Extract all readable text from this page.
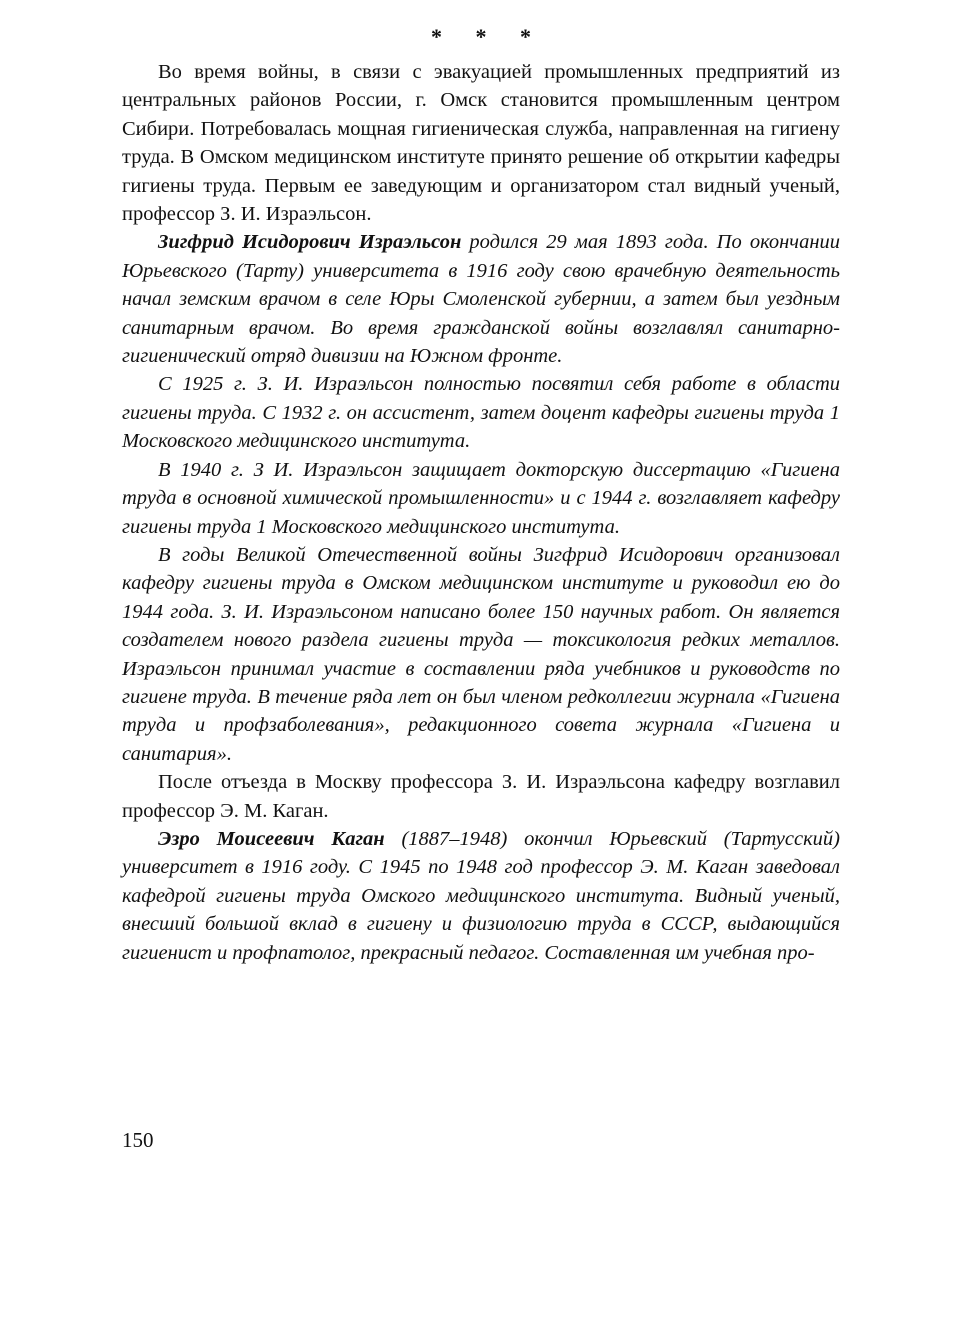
* * *

Во время войны, в связи с эвакуацией промышленных предприятий из центральных районов России, г. Омск становится промышленным центром Сибири. Потребовалась мощная гигиеническая служба, направленная на гигиену труда. В Омском медицинском институте принято решение об открытии кафедры гигиены труда. Первым ее заведующим и организатором стал видный ученый, профессор З. И. Израэльсон.

Зигфрид Исидорович Израэльсон родился 29 мая 1893 года. По окончании Юрьевского (Тарту) университета в 1916 году свою врачебную деятельность начал земским врачом в селе Юры Смоленской губернии, а затем был уездным санитарным врачом. Во время гражданской войны возглавлял санитарно-гигиенический отряд дивизии на Южном фронте.

С 1925 г. З. И. Израэльсон полностью посвятил себя работе в области гигиены труда. С 1932 г. он ассистент, затем доцент кафедры гигиены труда 1 Московского медицинского института.

В 1940 г. З И. Израэльсон защищает докторскую диссертацию «Гигиена труда в основной химической промышленности» и с 1944 г. возглавляет кафедру гигиены труда 1 Московского медицинского института.

В годы Великой Отечественной войны Зигфрид Исидорович организовал кафедру гигиены труда в Омском медицинском институте и руководил ею до 1944 года. З. И. Израэльсоном написано более 150 научных работ. Он является создателем нового раздела гигиены труда — токсикология редких металлов. Израэльсон принимал участие в составлении ряда учебников и руководств по гигиене труда. В течение ряда лет он был членом редколлегии журнала «Гигиена труда и профзаболевания», редакционного совета журнала «Гигиена и санитария».

После отъезда в Москву профессора З. И. Израэльсона кафедру возглавил профессор Э. М. Каган.

Эзро Моисеевич Каган (1887–1948) окончил Юрьевский (Тартусский) университет в 1916 году. С 1945 по 1948 год профессор Э. М. Каган заведовал кафедрой гигиены труда Омского медицинского института. Видный ученый, внесший большой вклад в гигиену и физиологию труда в СССР, выдающийся гигиенист и профпатолог, прекрасный педагог. Составленная им учебная про-

150
